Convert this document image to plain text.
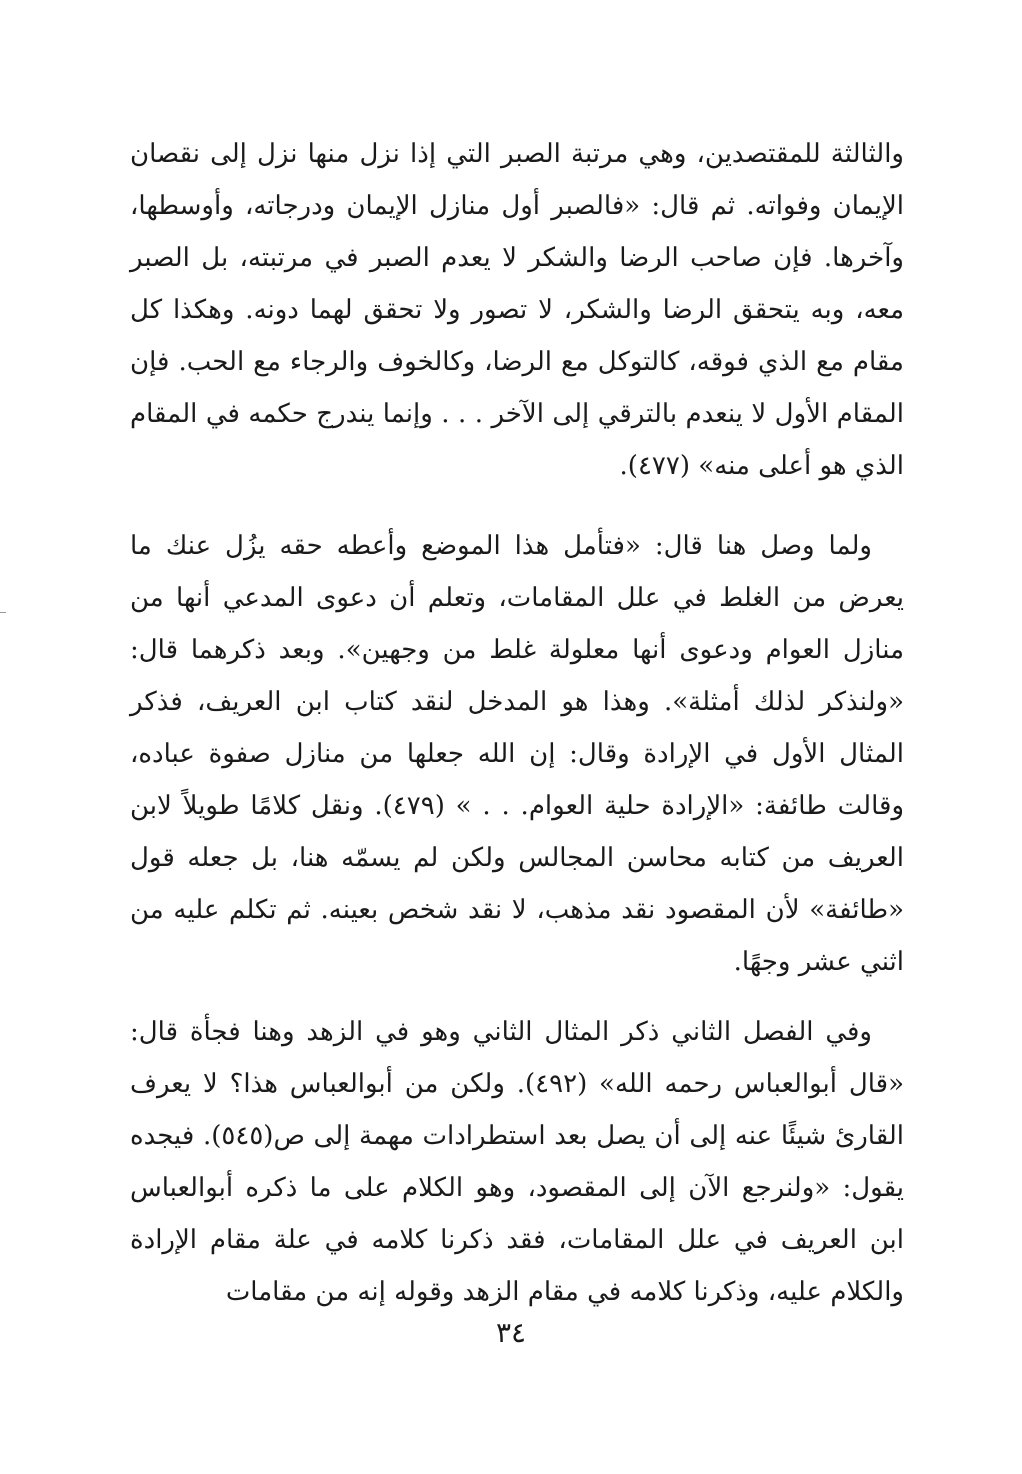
والثالثة للمقتصدين، وهي مرتبة الصبر التي إذا نزل منها نزل إلى نقصان الإيمان وفواته. ثم قال: «فالصبر أول منازل الإيمان ودرجاته، وأوسطها، وآخرها. فإن صاحب الرضا والشكر لا يعدم الصبر في مرتبته، بل الصبر معه، وبه يتحقق الرضا والشكر، لا تصور ولا تحقق لهما دونه. وهكذا كل مقام مع الذي فوقه، كالتوكل مع الرضا، وكالخوف والرجاء مع الحب. فإن المقام الأول لا ينعدم بالترقي إلى الآخر . . . وإنما يندرج حكمه في المقام الذي هو أعلى منه» (٤٧٧).

ولما وصل هنا قال: «فتأمل هذا الموضع وأعطه حقه يزُل عنك ما يعرض من الغلط في علل المقامات، وتعلم أن دعوى المدعي أنها من منازل العوام ودعوى أنها معلولة غلط من وجهين». وبعد ذكرهما قال: «ولنذكر لذلك أمثلة». وهذا هو المدخل لنقد كتاب ابن العريف، فذكر المثال الأول في الإرادة وقال: إن الله جعلها من منازل صفوة عباده، وقالت طائفة: «الإرادة حلية العوام. . . » (٤٧٩). ونقل كلامًا طويلاً لابن العريف من كتابه محاسن المجالس ولكن لم يسمّه هنا، بل جعله قول «طائفة» لأن المقصود نقد مذهب، لا نقد شخص بعينه. ثم تكلم عليه من اثني عشر وجهًا.

وفي الفصل الثاني ذكر المثال الثاني وهو في الزهد وهنا فجأة قال: «قال أبوالعباس رحمه الله» (٤٩٢). ولكن من أبوالعباس هذا؟ لا يعرف القارئ شيئًا عنه إلى أن يصل بعد استطرادات مهمة إلى ص(٥٤٥). فيجده يقول: «ولنرجع الآن إلى المقصود، وهو الكلام على ما ذكره أبوالعباس ابن العريف في علل المقامات، فقد ذكرنا كلامه في علة مقام الإرادة والكلام عليه، وذكرنا كلامه في مقام الزهد وقوله إنه من مقامات

٣٤
